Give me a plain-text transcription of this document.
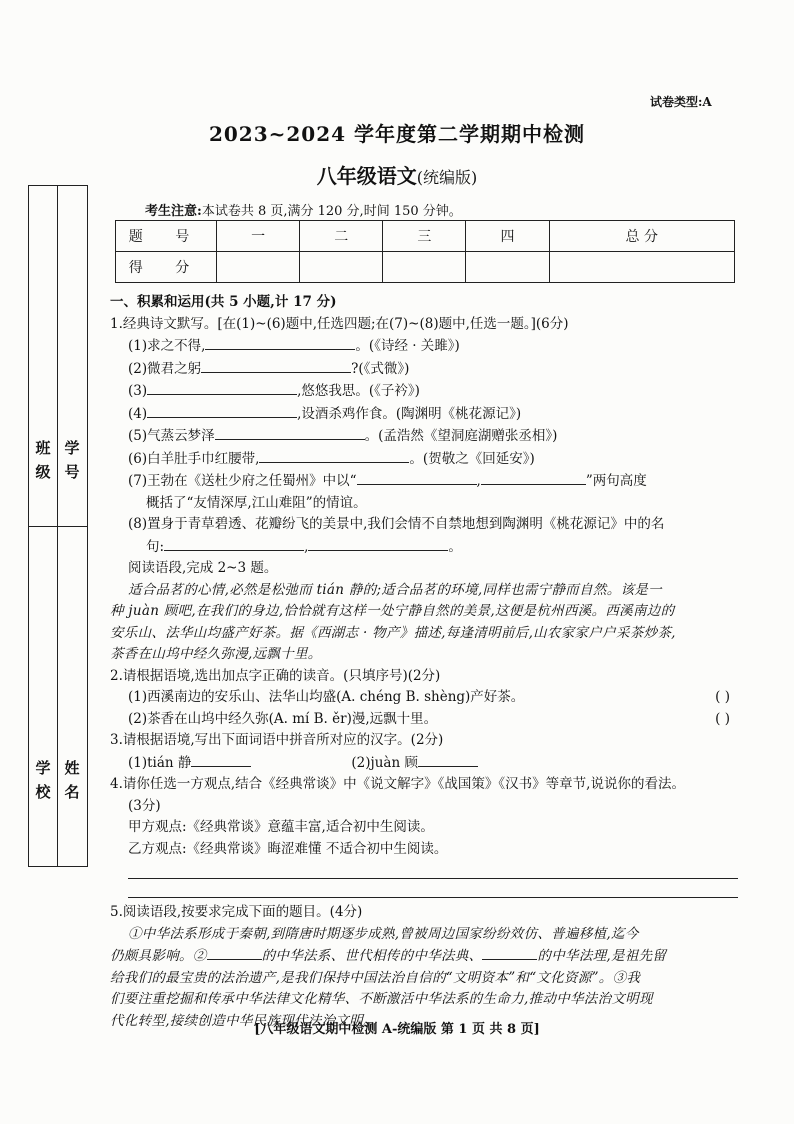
试卷类型:A
2023~2024 学年度第二学期期中检测
八年级语文(统编版)
考生注意:本试卷共 8 页,满分 120 分,时间 150 分钟。
班 级
学 号
学 校
姓 名
题 号	一	二	三	四	总 分
得 分					

一、积累和运用(共 5 小题,计 17 分)

1.经典诗文默写。[在(1)~(6)题中,任选四题;在(7)~(8)题中,任选一题。](6分)

(1)求之不得,	。(《诗经 · 关雎》)

(2)微君之躬	?(《式微》)

(3)	,悠悠我思。(《子衿》)

(4)	,设酒杀鸡作食。(陶渊明《桃花源记》)

(5)气蒸云梦泽	。(孟浩然《望洞庭湖赠张丞相》)

(6)白羊肚手巾红腰带,	。(贺敬之《回延安》)

(7)王勃在《送杜少府之任蜀州》中以“	,	”两句高度

概括了“友情深厚,江山难阻”的情谊。

(8)置身于青草碧透、花瓣纷飞的美景中,我们会情不自禁地想到陶渊明《桃花源记》中的名

句:	,	。

阅读语段,完成 2~3 题。

适合品茗的心情,必然是松弛而 tián 静的;适合品茗的环境,同样也需宁静而自然。该是一

种 juàn 顾吧,在我们的身边,恰恰就有这样一处宁静自然的美景,这便是杭州西溪。西溪南边的

安乐山、法华山均盛产好茶。据《西湖志 · 物产》描述,每逢清明前后,山农家家户户采茶炒茶,

茶香在山坞中经久弥漫,远飘十里。

2.请根据语境,选出加点字正确的读音。(只填序号)(2分)

(1)西溪南边的安乐山、法华山均盛(A. chéng B. shèng)产好茶。	( )

(2)茶香在山坞中经久弥(A. mí B. ěr)漫,远飘十里。	( )

3.请根据语境,写出下面词语中拼音所对应的汉字。(2分)

(1)tián 静	(2)juàn 顾

4.请你任选一方观点,结合《经典常谈》中《说文解字》《战国策》《汉书》等章节,说说你的看法。

(3分)

甲方观点:《经典常谈》意蕴丰富,适合初中生阅读。

乙方观点:《经典常谈》晦涩难懂 不适合初中生阅读。

5.阅读语段,按要求完成下面的题目。(4分)

①中华法系形成于秦朝,到隋唐时期逐步成熟,曾被周边国家纷纷效仿、普遍移植,迄今

仍颇具影响。②	的中华法系、世代相传的中华法典、	的中华法理,是祖先留

给我们的最宝贵的法治遗产,是我们保持中国法治自信的“文明资本”和“文化资源”。③我

们要注重挖掘和传承中华法律文化精华、不断激活中华法系的生命力,推动中华法治文明现

代化转型,接续创造中华民族现代法治文明。

[八年级语文期中检测 A-统编版 第 1 页 共 8 页]
